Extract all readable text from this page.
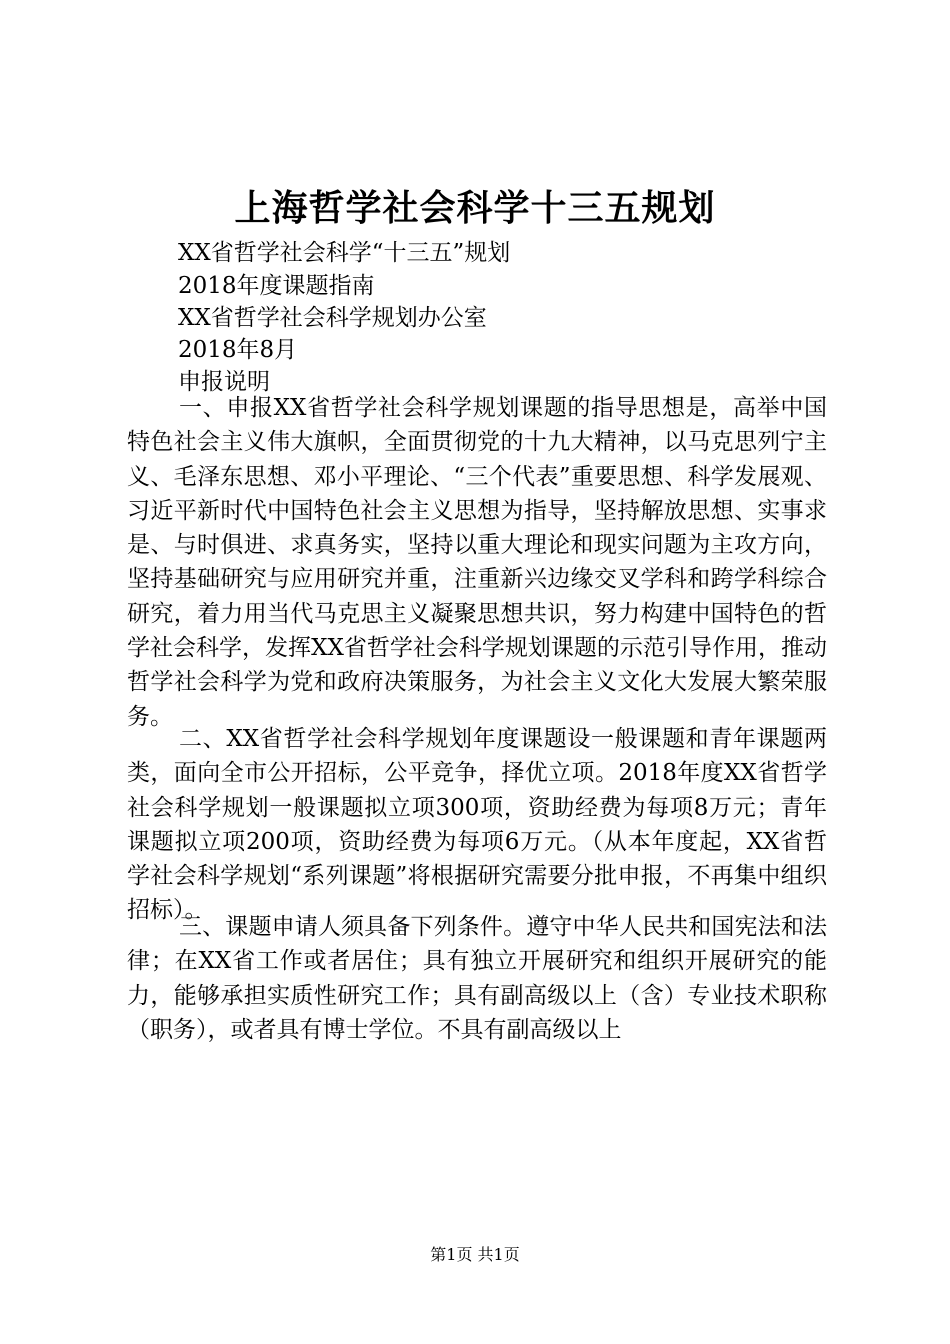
上海哲学社会科学十三五规划
XX省哲学社会科学“十三五”规划
2018年度课题指南
XX省哲学社会科学规划办公室
2018年8月
申报说明

一、申报XX省哲学社会科学规划课题的指导思想是，高举中国特色社会主义伟大旗帜，全面贯彻党的十九大精神，以马克思列宁主义、毛泽东思想、邓小平理论、“三个代表”重要思想、科学发展观、习近平新时代中国特色社会主义思想为指导，坚持解放思想、实事求是、与时俱进、求真务实，坚持以重大理论和现实问题为主攻方向，坚持基础研究与应用研究并重，注重新兴边缘交叉学科和跨学科综合研究，着力用当代马克思主义凝聚思想共识，努力构建中国特色的哲学社会科学，发挥XX省哲学社会科学规划课题的示范引导作用，推动哲学社会科学为党和政府决策服务，为社会主义文化大发展大繁荣服务。

二、XX省哲学社会科学规划年度课题设一般课题和青年课题两类，面向全市公开招标，公平竞争，择优立项。2018年度XX省哲学社会科学规划一般课题拟立项300项，资助经费为每项8万元；青年课题拟立项200项，资助经费为每项6万元。（从本年度起，XX省哲学社会科学规划“系列课题”将根据研究需要分批申报，不再集中组织招标）。

三、课题申请人须具备下列条件。遵守中华人民共和国宪法和法律；在XX省工作或者居住；具有独立开展研究和组织开展研究的能力，能够承担实质性研究工作；具有副高级以上（含）专业技术职称（职务），或者具有博士学位。不具有副高级以上

第1页 共1页
